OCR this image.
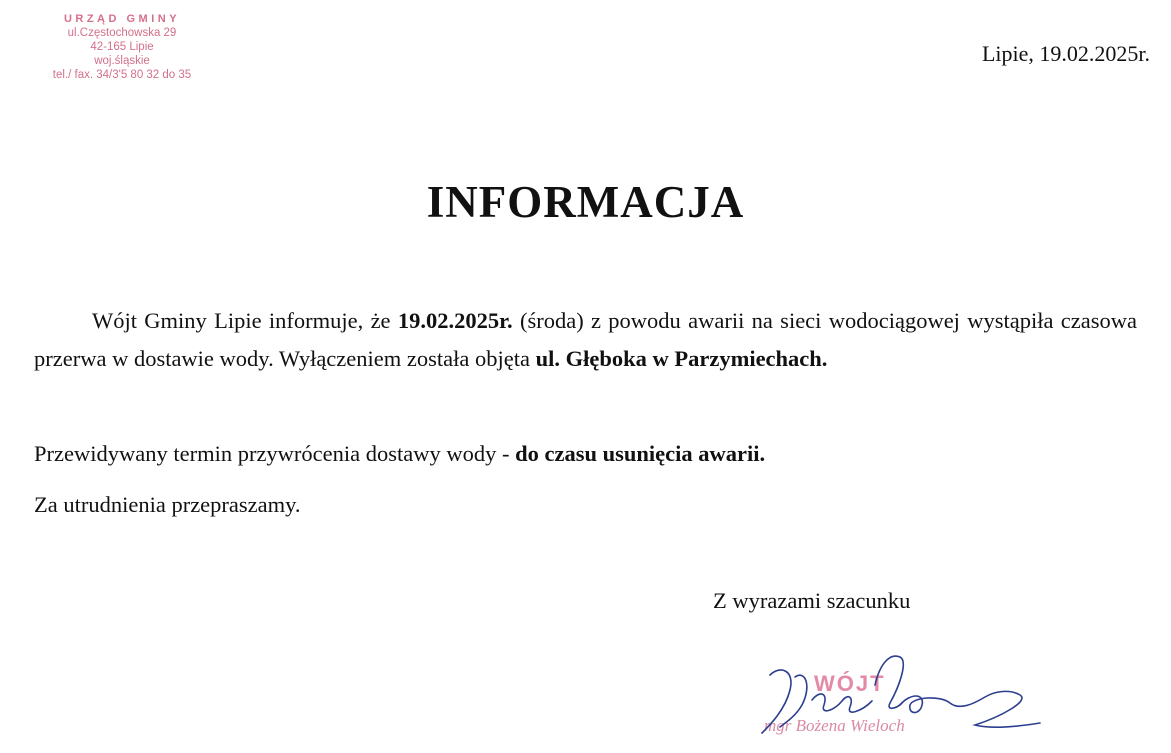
URZĄD GMINY
ul.Częstochowska 29
42-165 Lipie
woj.śląskie
tel./ fax. 34/3'5 80 32 do 35
Lipie, 19.02.2025r.
INFORMACJA

Wójt Gminy Lipie informuje, że 19.02.2025r. (środa) z powodu awarii na sieci wodociągowej wystąpiła czasowa przerwa w dostawie wody. Wyłączeniem została objęta ul. Głęboka w Parzymiechach.

Przewidywany termin przywrócenia dostawy wody - do czasu usunięcia awarii.

Za utrudnienia przepraszamy.

Z wyrazami szacunku
WÓJT
mgr Bożena Wieloch
